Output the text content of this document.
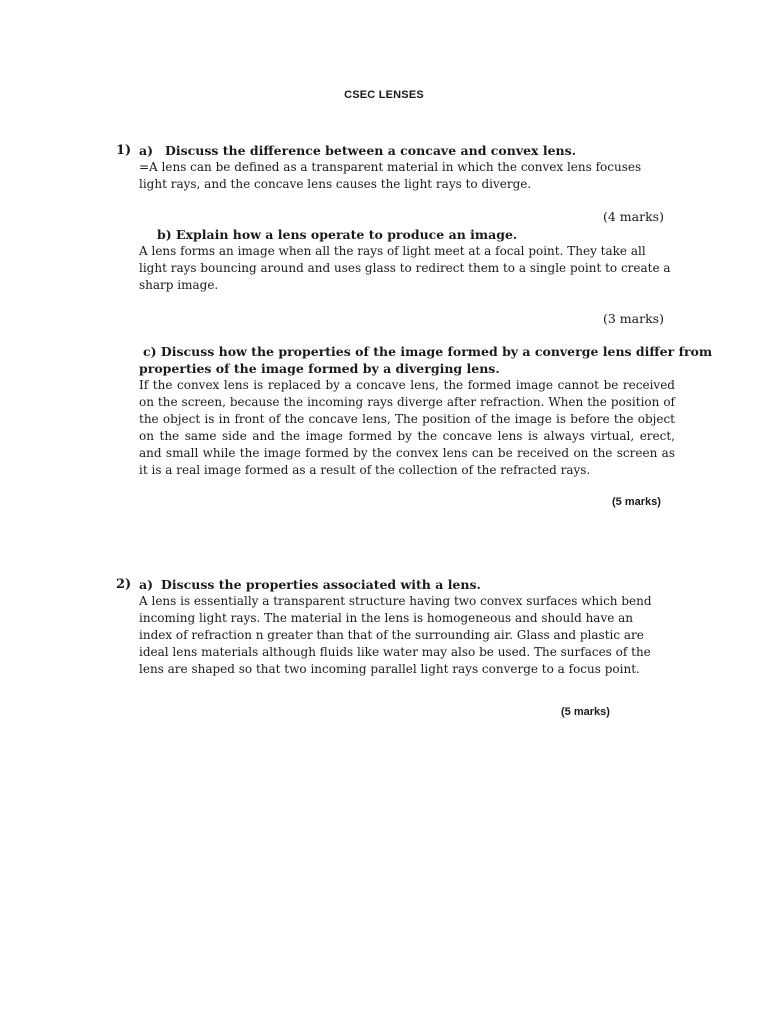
CSEC LENSES
1) a) Discuss the difference between a concave and convex lens.
=A lens can be defined as a transparent material in which the convex lens focuses
light rays, and the concave lens causes the light rays to diverge.
(4 marks)
b) Explain how a lens operate to produce an image.
A lens forms an image when all the rays of light meet at a focal point. They take all
light rays bouncing around and uses glass to redirect them to a single point to create a
sharp image.
(3 marks)
c) Discuss how the properties of the image formed by a converge lens differ from
properties of the image formed by a diverging lens.
If the convex lens is replaced by a concave lens, the formed image cannot be received on the screen, because the incoming rays diverge after refraction. When the position of the object is in front of the concave lens, The position of the image is before the object on the same side and the image formed by the concave lens is always virtual, erect, and small while the image formed by the convex lens can be received on the screen as it is a real image formed as a result of the collection of the refracted rays.
(5 marks)
2) a) Discuss the properties associated with a lens.
A lens is essentially a transparent structure having two convex surfaces which bend
incoming light rays. The material in the lens is homogeneous and should have an
index of refraction n greater than that of the surrounding air. Glass and plastic are
ideal lens materials although fluids like water may also be used. The surfaces of the
lens are shaped so that two incoming parallel light rays converge to a focus point.
(5 marks)
